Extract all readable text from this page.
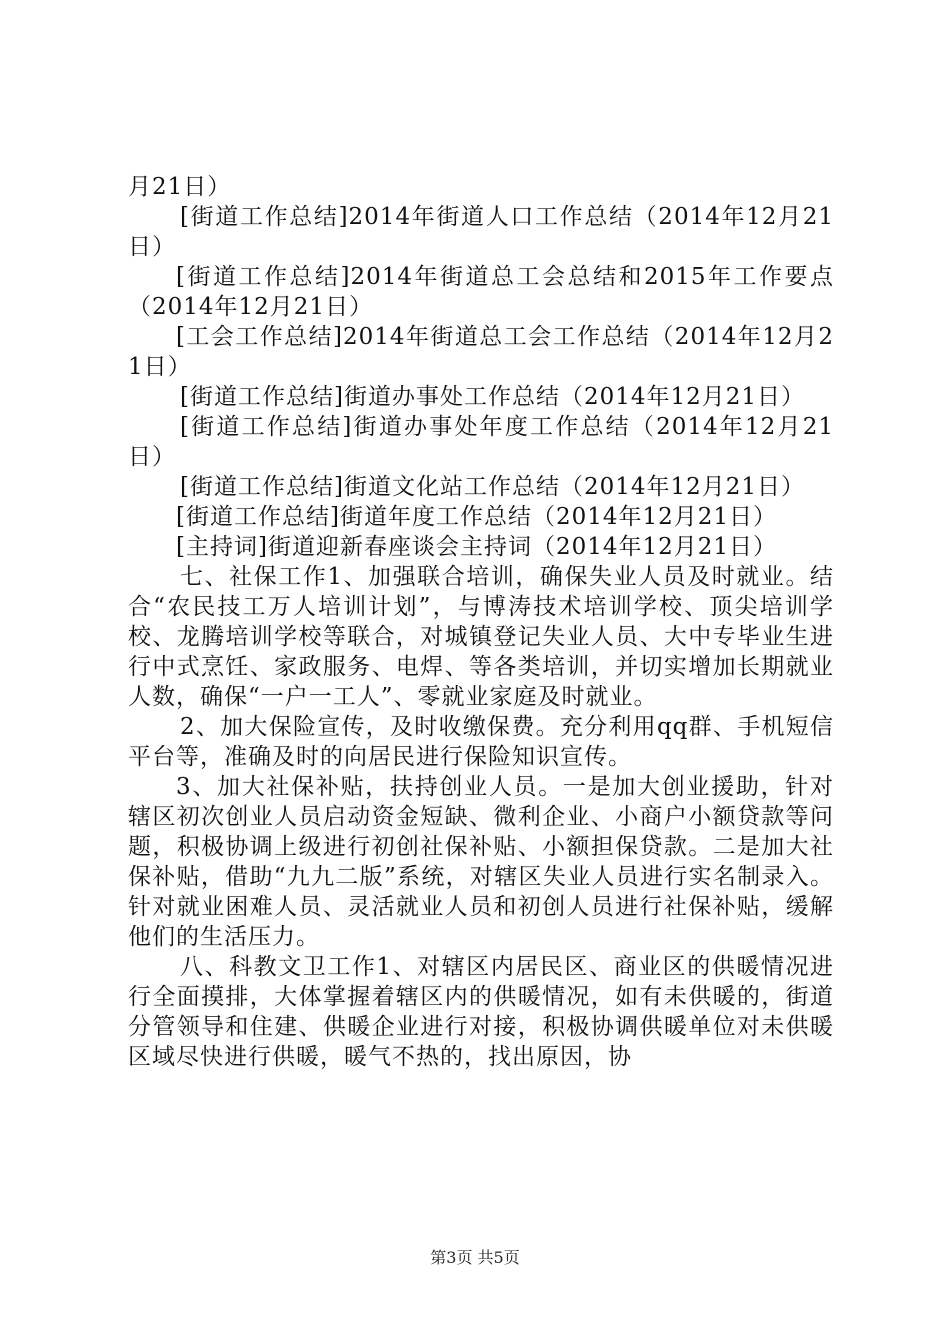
月21日）

[街道工作总结]2014年街道人口工作总结（2014年12月21日）

[街道工作总结]2014年街道总工会总结和2015年工作要点（2014年12月21日）

[工会工作总结]2014年街道总工会工作总结（2014年12月21日）

[街道工作总结]街道办事处工作总结（2014年12月21日）

[街道工作总结]街道办事处年度工作总结（2014年12月21日）

[街道工作总结]街道文化站工作总结（2014年12月21日）

[街道工作总结]街道年度工作总结（2014年12月21日）

[主持词]街道迎新春座谈会主持词（2014年12月21日）

七、社保工作1、加强联合培训，确保失业人员及时就业。结合“农民技工万人培训计划”，与博涛技术培训学校、顶尖培训学校、龙腾培训学校等联合，对城镇登记失业人员、大中专毕业生进行中式烹饪、家政服务、电焊、等各类培训，并切实增加长期就业人数，确保“一户一工人”、零就业家庭及时就业。

2、加大保险宣传，及时收缴保费。充分利用qq群、手机短信平台等，准确及时的向居民进行保险知识宣传。

3、加大社保补贴，扶持创业人员。一是加大创业援助，针对辖区初次创业人员启动资金短缺、微利企业、小商户小额贷款等问题，积极协调上级进行初创社保补贴、小额担保贷款。二是加大社保补贴，借助“九九二版”系统，对辖区失业人员进行实名制录入。针对就业困难人员、灵活就业人员和初创人员进行社保补贴，缓解他们的生活压力。

八、科教文卫工作1、对辖区内居民区、商业区的供暖情况进行全面摸排，大体掌握着辖区内的供暖情况，如有未供暖的，街道分管领导和住建、供暖企业进行对接，积极协调供暖单位对未供暖区域尽快进行供暖，暖气不热的，找出原因，协

第3页 共5页
